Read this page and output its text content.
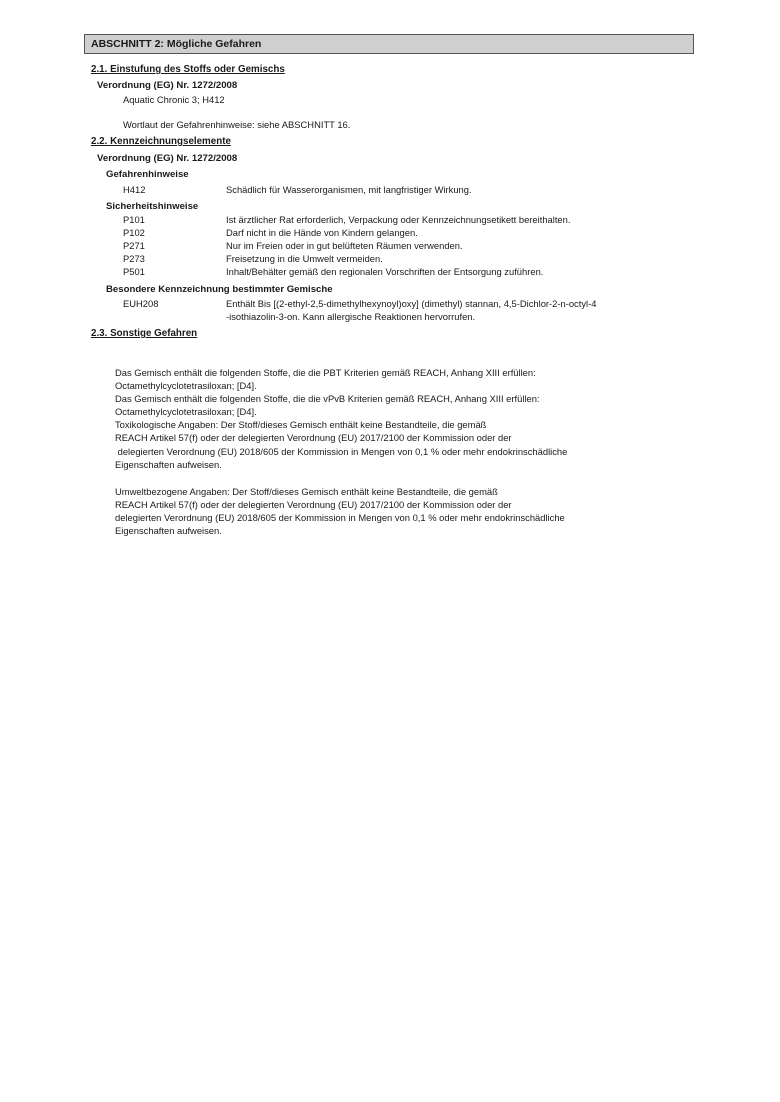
ABSCHNITT 2: Mögliche Gefahren
2.1. Einstufung des Stoffs oder Gemischs
Verordnung (EG) Nr. 1272/2008
Aquatic Chronic 3; H412
Wortlaut der Gefahrenhinweise: siehe ABSCHNITT 16.
2.2. Kennzeichnungselemente
Verordnung (EG) Nr. 1272/2008
Gefahrenhinweise
H412	Schädlich für Wasserorganismen, mit langfristiger Wirkung.
Sicherheitshinweise
P101	Ist ärztlicher Rat erforderlich, Verpackung oder Kennzeichnungsetikett bereithalten.
P102	Darf nicht in die Hände von Kindern gelangen.
P271	Nur im Freien oder in gut belüfteten Räumen verwenden.
P273	Freisetzung in die Umwelt vermeiden.
P501	Inhalt/Behälter gemäß den regionalen Vorschriften der Entsorgung zuführen.
Besondere Kennzeichnung bestimmter Gemische
EUH208	Enthält Bis [(2-ethyl-2,5-dimethylhexynoyl)oxy] (dimethyl) stannan, 4,5-Dichlor-2-n-octyl-4
-isothiazolin-3-on. Kann allergische Reaktionen hervorrufen.
2.3. Sonstige Gefahren
Das Gemisch enthält die folgenden Stoffe, die die PBT Kriterien gemäß REACH, Anhang XIII erfüllen:
Octamethylcyclotetrasiloxan; [D4].
Das Gemisch enthält die folgenden Stoffe, die die vPvB Kriterien gemäß REACH, Anhang XIII erfüllen:
Octamethylcyclotetrasiloxan; [D4].
Toxikologische Angaben: Der Stoff/dieses Gemisch enthält keine Bestandteile, die gemäß
REACH Artikel 57(f) oder der delegierten Verordnung (EU) 2017/2100 der Kommission oder der
delegierten Verordnung (EU) 2018/605 der Kommission in Mengen von 0,1 % oder mehr endokrinschädliche
Eigenschaften aufweisen.
Umweltbezogene Angaben: Der Stoff/dieses Gemisch enthält keine Bestandteile, die gemäß
REACH Artikel 57(f) oder der delegierten Verordnung (EU) 2017/2100 der Kommission oder der
delegierten Verordnung (EU) 2018/605 der Kommission in Mengen von 0,1 % oder mehr endokrinschädliche
Eigenschaften aufweisen.
